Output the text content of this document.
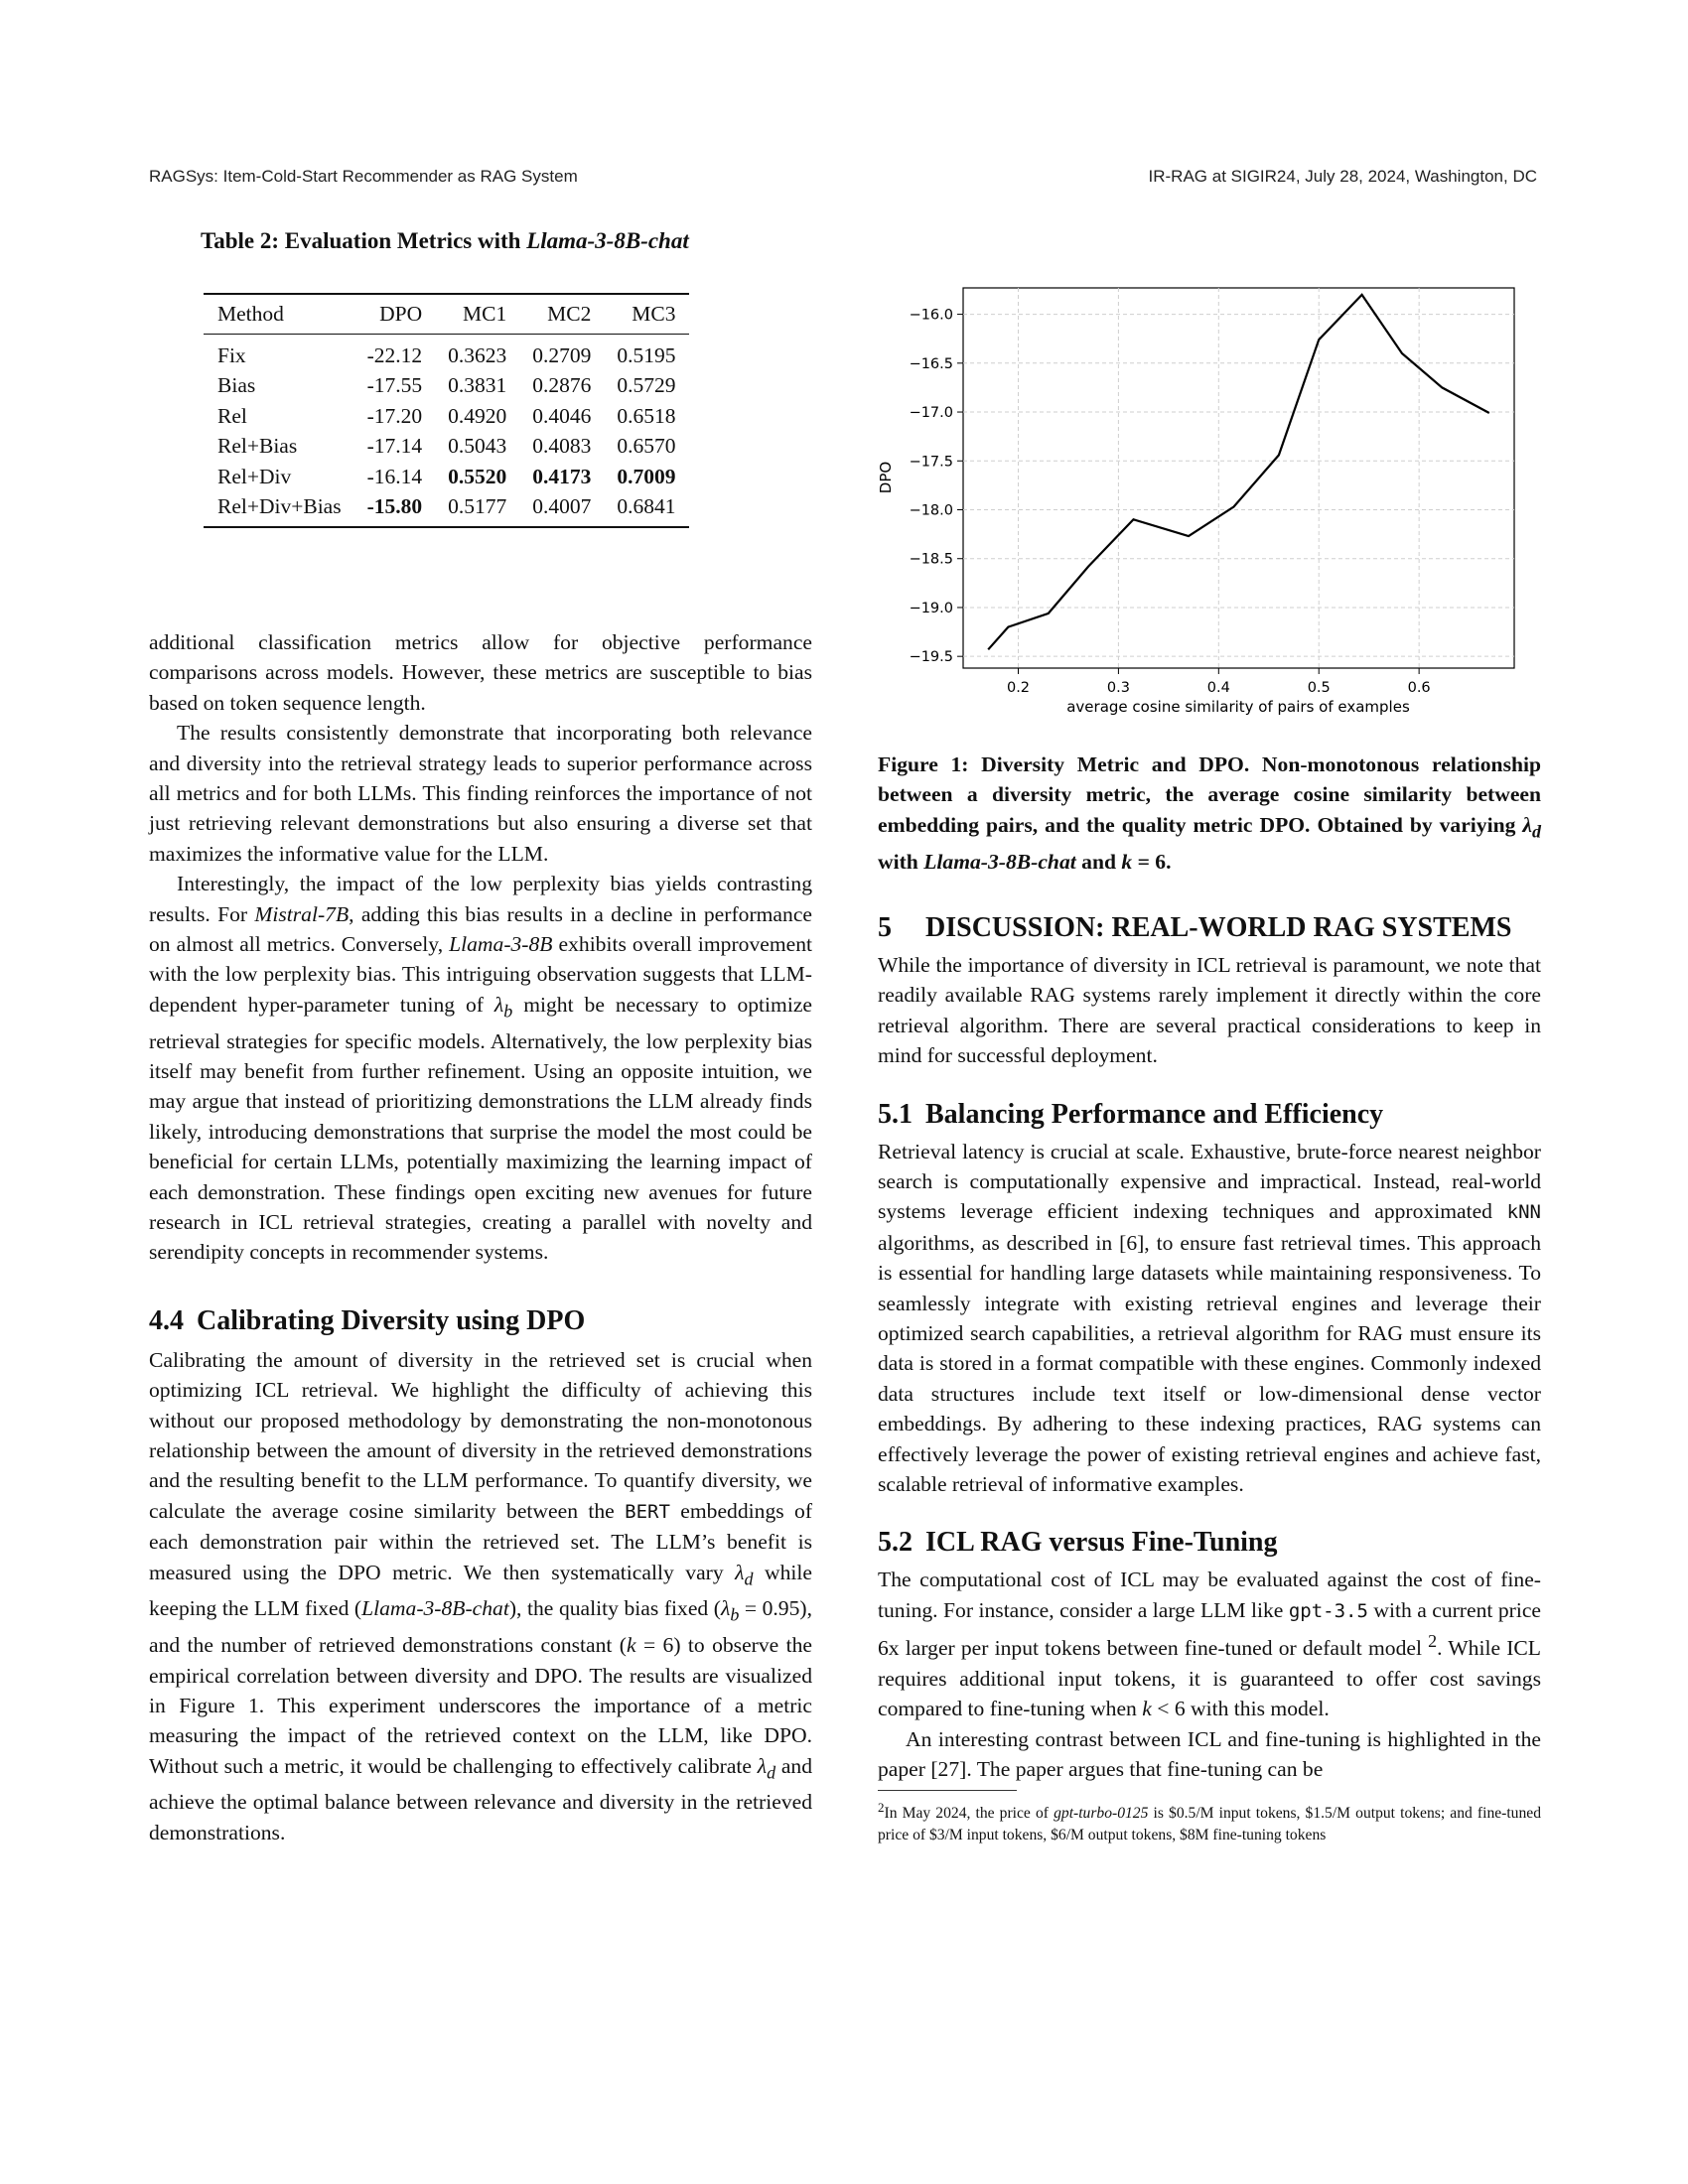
RAGSys: Item-Cold-Start Recommender as RAG System	IR-RAG at SIGIR24, July 28, 2024, Washington, DC
Table 2: Evaluation Metrics with Llama-3-8B-chat
Method	DPO	MC1	MC2	MC3
Fix	-22.12	0.3623	0.2709	0.5195
Bias	-17.55	0.3831	0.2876	0.5729
Rel	-17.20	0.4920	0.4046	0.6518
Rel+Bias	-17.14	0.5043	0.4083	0.6570
Rel+Div	-16.14	0.5520	0.4173	0.7009
Rel+Div+Bias	-15.80	0.5177	0.4007	0.6841

additional classification metrics allow for objective performance comparisons across models. However, these metrics are susceptible to bias based on token sequence length.

The results consistently demonstrate that incorporating both relevance and diversity into the retrieval strategy leads to superior performance across all metrics and for both LLMs. This finding reinforces the importance of not just retrieving relevant demonstrations but also ensuring a diverse set that maximizes the informative value for the LLM.

Interestingly, the impact of the low perplexity bias yields contrasting results. For Mistral-7B, adding this bias results in a decline in performance on almost all metrics. Conversely, Llama-3-8B exhibits overall improvement with the low perplexity bias. This intriguing observation suggests that LLM-dependent hyper-parameter tuning of $\lambda_b$ might be necessary to optimize retrieval strategies for specific models. Alternatively, the low perplexity bias itself may benefit from further refinement. Using an opposite intuition, we may argue that instead of prioritizing demonstrations the LLM already finds likely, introducing demonstrations that surprise the model the most could be beneficial for certain LLMs, potentially maximizing the learning impact of each demonstration. These findings open exciting new avenues for future research in ICL retrieval strategies, creating a parallel with novelty and serendipity concepts in recommender systems.

4.4 Calibrating Diversity using DPO

Calibrating the amount of diversity in the retrieved set is crucial when optimizing ICL retrieval. We highlight the difficulty of achieving this without our proposed methodology by demonstrating the non-monotonous relationship between the amount of diversity in the retrieved demonstrations and the resulting benefit to the LLM performance. To quantify diversity, we calculate the average cosine similarity between the BERT embeddings of each demonstration pair within the retrieved set. The LLM’s benefit is measured using the DPO metric. We then systematically vary $\lambda_d$ while keeping the LLM fixed (Llama-3-8B-chat), the quality bias fixed $(\lambda_b = 0.95)$, and the number of retrieved demonstrations constant (k = 6) to observe the empirical correlation between diversity and DPO. The results are visualized in Figure 1. This experiment underscores the importance of a metric measuring the impact of the retrieved context on the LLM, like DPO. Without such a metric, it would be challenging to effectively calibrate $\lambda_d$ and achieve the optimal balance between relevance and diversity in the retrieved demonstrations.

0.2	0.3	0.4	0.5	0.6
−16.0
−16.5
−17.0
−17.5
−18.0
−18.5
−19.0
−19.5
average cosine similarity of pairs of examples
DPO
Figure 1: Diversity Metric and DPO. Non-monotonous relationship between a diversity metric, the average cosine similarity between embedding pairs, and the quality metric DPO. Obtained by variying $\lambda_d$ with Llama-3-8B-chat and k = 6.
5 DISCUSSION: REAL-WORLD RAG SYSTEMS

While the importance of diversity in ICL retrieval is paramount, we note that readily available RAG systems rarely implement it directly within the core retrieval algorithm. There are several practical considerations to keep in mind for successful deployment.

5.1 Balancing Performance and Efficiency

Retrieval latency is crucial at scale. Exhaustive, brute-force nearest neighbor search is computationally expensive and impractical. Instead, real-world systems leverage efficient indexing techniques and approximated kNN algorithms, as described in [6], to ensure fast retrieval times. This approach is essential for handling large datasets while maintaining responsiveness. To seamlessly integrate with existing retrieval engines and leverage their optimized search capabilities, a retrieval algorithm for RAG must ensure its data is stored in a format compatible with these engines. Commonly indexed data structures include text itself or low-dimensional dense vector embeddings. By adhering to these indexing practices, RAG systems can effectively leverage the power of existing retrieval engines and achieve fast, scalable retrieval of informative examples.

5.2 ICL RAG versus Fine-Tuning

The computational cost of ICL may be evaluated against the cost of fine-tuning. For instance, consider a large LLM like gpt-3.5 with a current price 6x larger per input tokens between fine-tuned or default model $^2$. While ICL requires additional input tokens, it is guaranteed to offer cost savings compared to fine-tuning when k < 6 with this model.

An interesting contrast between ICL and fine-tuning is highlighted in the paper [27]. The paper argues that fine-tuning can be

$^2$In May 2024, the price of gpt-turbo-0125 is $0.5/M input tokens, $1.5/M output tokens; and fine-tuned price of $3/M input tokens, $6/M output tokens, $8M fine-tuning tokens
